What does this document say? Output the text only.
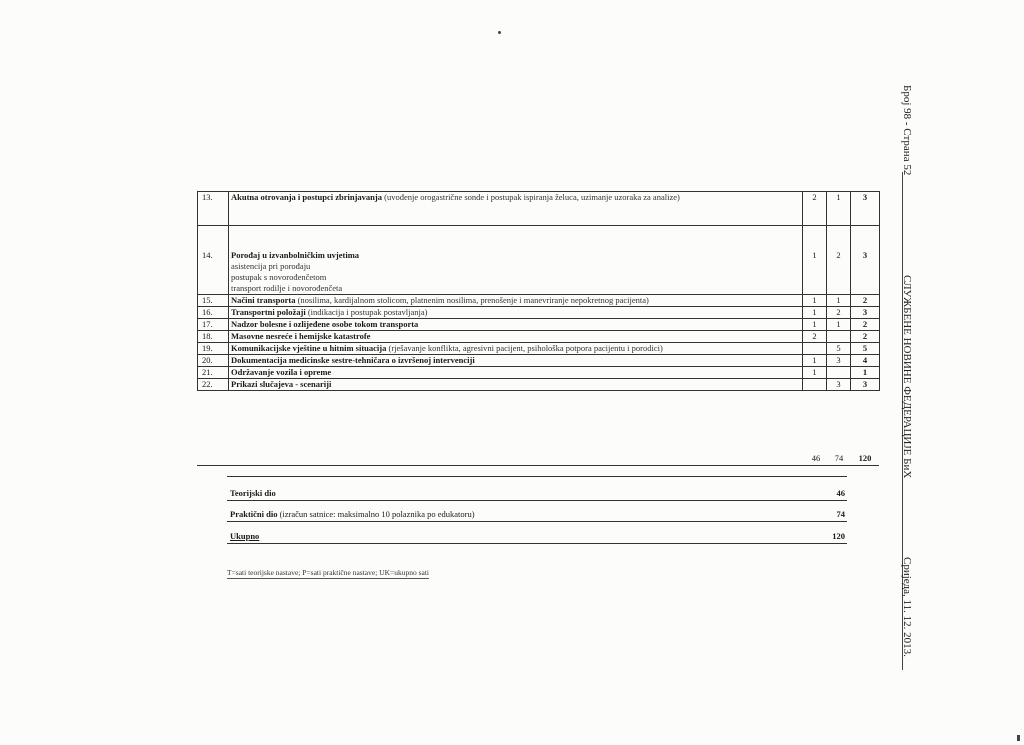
13.	Akutna otrovanja i postupci zbrinjavanja (uvođenje orogastrične sonde i postupak ispiranja želuca, uzimanje uzoraka za analize)	2	1	3
14.	Porođaj u izvanbolničkim uvjetima
asistencija pri porođaju
postupak s novorođenčetom
transport rodilje i novorođenčeta	1	2	3
15.	Načini transporta (nosilima, kardijalnom stolicom, platnenim nosilima, prenošenje i manevriranje nepokretnog pacijenta)	1	1	2
16.	Transportni položaji (indikacija i postupak postavljanja)	1	2	3
17.	Nadzor bolesne i ozlijeđene osobe tokom transporta	1	1	2
18.	Masovne nesreće i hemijske katastrofe	2		2
19.	Komunikacijske vještine u hitnim situacija (rješavanje konflikta, agresivni pacijent, psihološka potpora pacijentu i porodici)		5	5
20.	Dokumentacija medicinske sestre-tehničara o izvršenoj intervenciji	1	3	4
21.	Održavanje vozila i opreme	1		1
22.	Prikazi slučajeva - scenariji		3	3
46	74	120
Teorijski dio	46
Praktični dio (izračun satnice: maksimalno 10 polaznika po edukatoru)	74
Ukupno	120
T=sati teorijske nastave; P=sati praktične nastave; UK=ukupno sati
Број 98 - Страна 52
СЛУЖБЕНЕ НОВИНЕ ФЕДЕРАЦИЈЕ БиХ
Сриједа, 11. 12. 2013.
